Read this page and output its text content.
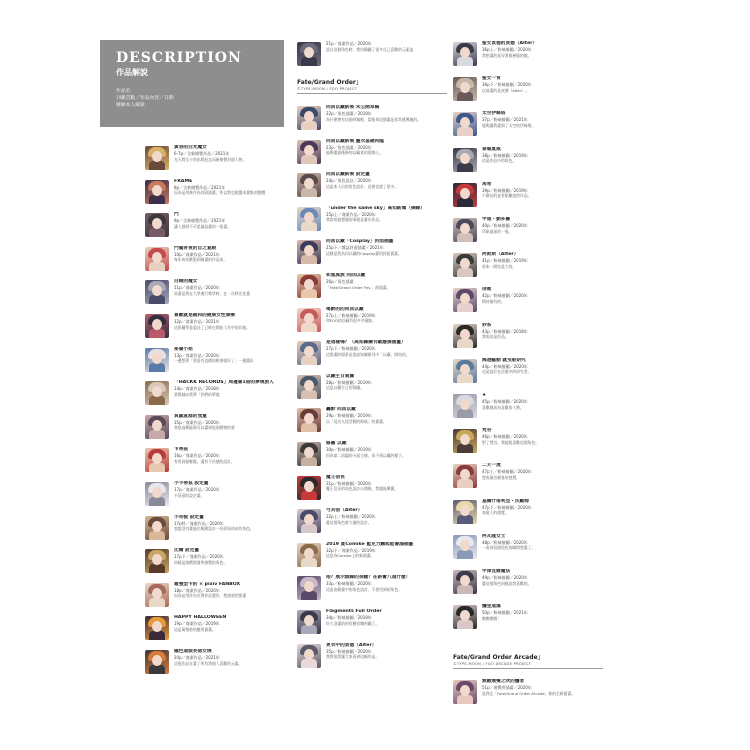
DESCRIPTION
作品解說
作品名
刊載頁數／作品內容／日期
繪師本人解說
Fate/Grand Order」
©TYPE-MOON / FGO PROJECT
Fate/Grand Order Arcade」
©TYPE-MOON / FGO ARCADE PROJECT
黃昏的白光魔女
6-7p／全新繪製作品／2021年
光天將女子的出版紀念而新繪製封面人物。
FRAME
8p／全新繪製作品／2021年
因為是用來作為封面插畫，所以我也挑選本畫集的整體
門
9p／全新繪製作品／2021年
讓人感到不可思議是畫的一張畫。
門擺宵夜的自之宴殿
10p／商業作品／2021年
每年的年獸版到繪畫的作品本。
白綾的魔女
11p／商業作品／2020年
原畫是我在大學進行教學時，在一次時光化畫
喜歡就是親和的健康女性康樂
12p／商業作品／2021年
這張圖學是委託了已經在開始工作中的其他。
祕書小姐
13p／商業作品／2020年
一邊想著「要是有這樣的秘書就好了」一邊畫出
「HACKK RECORDS」周邊書1冊的夢境旅人
14p／商業作品／2018年
要與踏向我夢「你們的夢境
冥誕宴群的食重
15p／商業作品／2020年
我很高興能與可以畫到您的動物的要
卡蒂茲
16p／商業作品／2020年
有用到最輕鬆，還有不仿感的設計。
小卡蒂茲 設定畫
17p／商業作品／2020年
卡蒂茲的設定畫。
小奇貌 設定畫
17p特／商業作品／2020年
想說沒有畫過比較紙設計一份原始紡布的角色。
比爾 設定畫
17p下／商業作品／2020年
同樣是遊戲開發所繪製的角色。
最強型卡的 × pixiv FANBOX
18p／商業作品／2020年
因為是用作為宣傳作品製作，想請要把要畫
HAPPY HALLOWEEN
19p／商業作品／2019年
這是萬聖節的應用插畫。
橘色道服長裙女僕
20p／商業作品／2021年
這張作品在畫了所有我個人喜歡的元素。
21p／商業作品／2020年
設計這個角色時，我用構圖了很多自己喜歡的元素造
同回以藏新裝 未公開草稿
22p／角色插畫／2019年
為什麼會有這個草稿呢，當能拿這個畫是非常感興趣的。
同回以藏新裝 靈衣基礎再臨
23p／角色插畫／2020年
能夠畫最後修的以藏真的很開心。
同回以藏新裝 設定畫
24p／角色設計／2020年
這是本人出的角色設計，這裡也說了很多。
「under the same sky」高知新聞（摘錄）
25p上／商業作品／2020年
我當初最想做的事就是畫出作品。
同回以藏「Cosplay」封面插畫
25p下／雜誌封面插畫／2021年
這樣是我為回以藏的Cosplay畫的封面插畫。
和風異族 同回以藏
26p／角色插畫
「Fate/Grand Order Fes.」的插畫。
喝醉的的同回以藏
27p上／粉絲繪圖／2019年
和FGO的以藏有很多共通點。
是這樣嗎？（高知縣關刊載應援插畫）
27p下／粉絲繪圖／2020年
這張畫的場景是從高知縣報刊中「以藏」開始的。
以藏生日賀圖
28p／粉絲繪圖／2019年
這是以藏生日的賀圖。
轟酔 同回以藏
29p／粉絲繪圖／2019年
以「這次九段活動的時候」的插畫。
修羅 以藏
30p／粉絲繪圖／2019年
因為第二再臨的卡面立繪，看不到以藏的樣子。
魔王信長
31p／粉絲繪圖／2020年
魔王信長的角色設計公開後，我超級興奮。
弓兵信（Alter）
32p上／粉絲繪圖／2020年
畫這個角色時大量的設計。
2019 夏Comike 藍克力鐵匙能書鴻插畫
32p下／商業作品／2019年
這是為Comike上的新插畫。
咱？展示無錄的奈馳？在新蕾八遠什麼！
33p／粉絲繪圖／2020年
這是由動畫中的角色設計，不要用到的角色。
Flagments Full Order
34p／粉絲繪圖／2019年
好久沒畫前的有聽音樂的圖了。
更衣中的貞德（Alter）
35p／粉絲繪圖／2020年
我曾很想讓大家看到這幅作品。
聖女貞德的貞德（Alter）
36p上／粉絲繪圖／2020年
我想畫的是穿著服務服的她。
聖女一宵
36p下／粉絲繪圖／2020年
以前畫的是貞德（Alter）。
太空伊絲塔
37p／粉絲繪圖／2021年
能夠讓我畫到了太空的伊絲塔。
泰魯夏威
38p／粉絲繪圖／2019年
這是作品中的角色。
馬希
39p／粉絲繪圖／2019年
不擅長的是有點難度的作品。
宇迦・劉多羅
40p／粉絲繪圖／2020年
印象最深的一張。
阿斯斯（Alter）
41p／粉絲繪圖／2019年
原本一開始是大的。
俳姬
42p／粉絲繪圖／2020年
期待量有的。
妙系
43p／粉絲繪圖／2018年
我的這是作品。
海遊騷動 就虫般研究
44p／粉絲繪圖／2020年
這是設計在沙漠中的研究者。
★
45p／粉絲繪圖／2020年
喜歡她成為喜歡的人物。
梵谷
46p／粉絲繪圖／2020年
對了梵谷，我超級喜歡這個角色。
二天一流
47p上／粉絲繪圖／2020年
想表現出劍客的感覺。
基爾什塔利亞・沃戴姆
47p下／粉絲繪圖／2020年
表現人的感覺。
阿瓦隆女士
48p／粉絲繪圖／2020年
一看到這個角色的瞬間想畫了。
宇津見緣魔法
49p／粉絲繪圖／2020年
畫這個角色同樣是我喜歡的。
瀰里道滿
50p／粉絲繪圖／2021年
嗷嗷嗷嗷！
無敵無雙之吹的醫者
51p／遊戲用插畫／2020年
是我在「Fate/Grand Order Arcade」新的全新插畫。
